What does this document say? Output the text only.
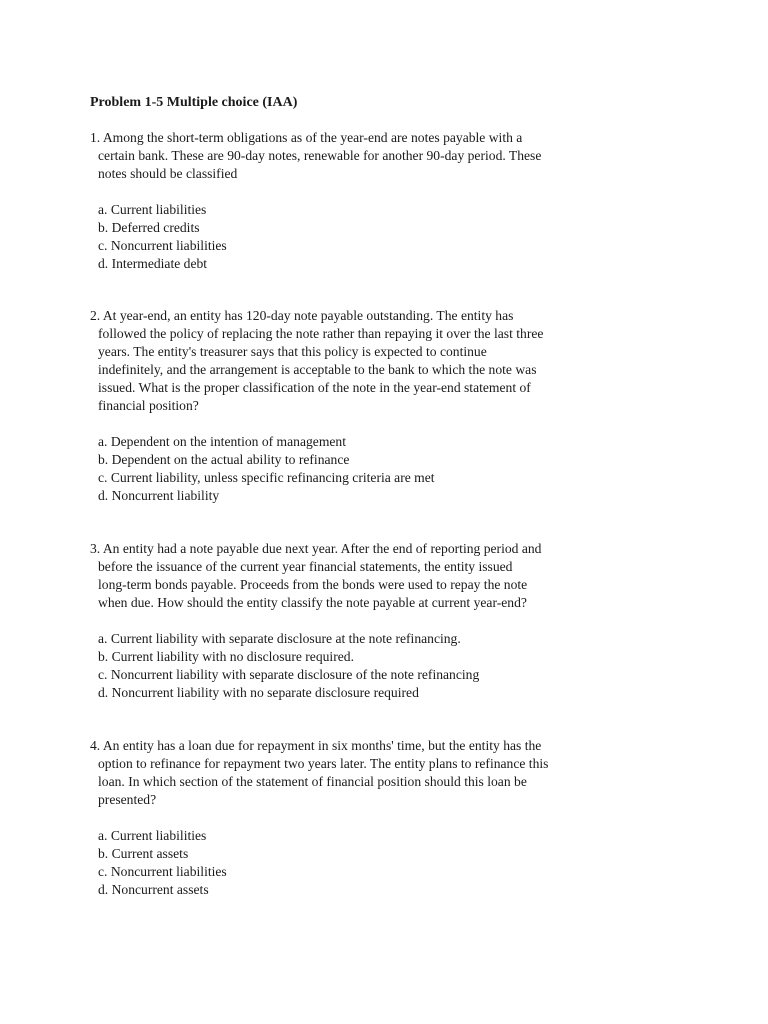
Problem 1-5 Multiple choice (IAA)
1. Among the short-term obligations as of the year-end are notes payable with a
certain bank. These are 90-day notes, renewable for another 90-day period. These
notes should be classified
a. Current liabilities
b. Deferred credits
c. Noncurrent liabilities
d. Intermediate debt
2. At year-end, an entity has 120-day note payable outstanding. The entity has
followed the policy of replacing the note rather than repaying it over the last three
years. The entity's treasurer says that this policy is expected to continue
indefinitely, and the arrangement is acceptable to the bank to which the note was
issued. What is the proper classification of the note in the year-end statement of
financial position?
a. Dependent on the intention of management
b. Dependent on the actual ability to refinance
c. Current liability, unless specific refinancing criteria are met
d. Noncurrent liability
3. An entity had a note payable due next year. After the end of reporting period and
before the issuance of the current year financial statements, the entity issued
long-term bonds payable. Proceeds from the bonds were used to repay the note
when due. How should the entity classify the note payable at current year-end?
a. Current liability with separate disclosure at the note refinancing.
b. Current liability with no disclosure required.
c. Noncurrent liability with separate disclosure of the note refinancing
d. Noncurrent liability with no separate disclosure required
4. An entity has a loan due for repayment in six months' time, but the entity has the
option to refinance for repayment two years later. The entity plans to refinance this
loan. In which section of the statement of financial position should this loan be
presented?
a. Current liabilities
b. Current assets
c. Noncurrent liabilities
d. Noncurrent assets
